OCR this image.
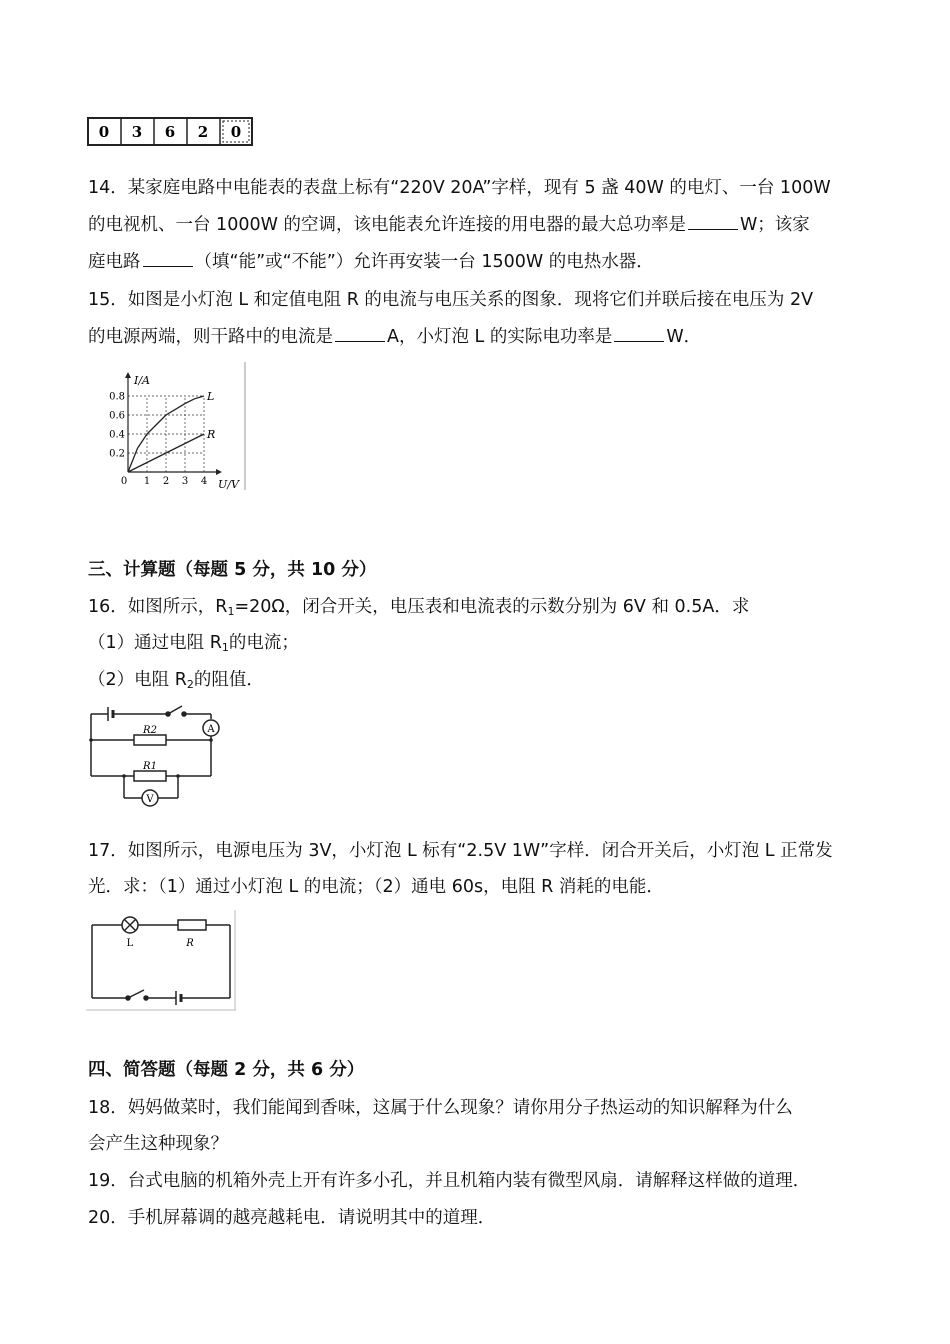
0 3 6 2 0
14．某家庭电路中电能表的表盘上标有“220V 20A”字样，现有 5 盏 40W 的电灯、一台 100W
的电视机、一台 1000W 的空调，该电能表允许连接的用电器的最大总功率是	W；该家
庭电路	（填“能”或“不能”）允许再安装一台 1500W 的电热水器．
15．如图是小灯泡 L 和定值电阻 R 的电流与电压关系的图象．现将它们并联后接在电压为 2V
的电源两端，则干路中的电流是	A，小灯泡 L 的实际电功率是	W．
0 1 2 3 4
0.2
0.4
0.6
0.8
U/V
I/A
L
R
三、计算题（每题 5 分，共 10 分）
16．如图所示，$R_1=20\Omega$，闭合开关，电压表和电流表的示数分别为 6V 和 0.5A．求
（1）通过电阻 $R_1$的电流；
（2）电阻 $R_2$的阻值．
R2
R1
A
V
17．如图所示，电源电压为 3V，小灯泡 L 标有“2.5V 1W”字样．闭合开关后，小灯泡 L 正常发
光．求：（1）通过小灯泡 L 的电流；（2）通电 60s，电阻 R 消耗的电能．
L	R
四、简答题（每题 2 分，共 6 分）
18．妈妈做菜时，我们能闻到香味，这属于什么现象？请你用分子热运动的知识解释为什么
会产生这种现象？
19．台式电脑的机箱外壳上开有许多小孔，并且机箱内装有微型风扇．请解释这样做的道理．
20．手机屏幕调的越亮越耗电．请说明其中的道理．
